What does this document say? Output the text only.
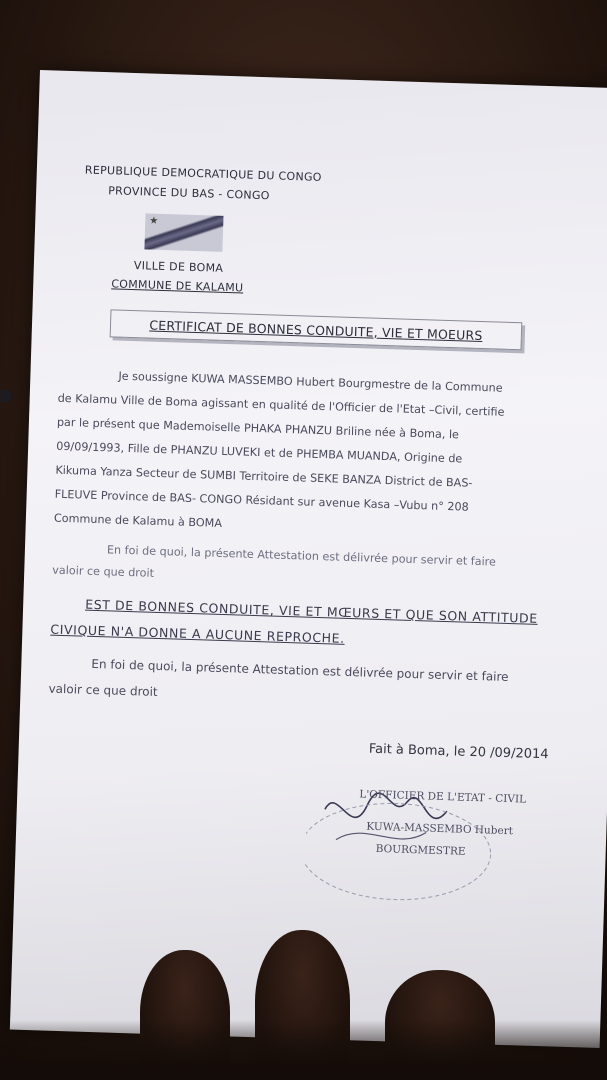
REPUBLIQUE DEMOCRATIQUE DU CONGO
PROVINCE DU BAS - CONGO
★
VILLE DE BOMA
COMMUNE DE KALAMU
CERTIFICAT DE BONNES CONDUITE, VIE ET MOEURS
Je soussigne KUWA MASSEMBO Hubert Bourgmestre de la Commune
de Kalamu Ville de Boma agissant en qualité de l'Officier de l'Etat –Civil, certifie
par le présent que Mademoiselle PHAKA PHANZU Briline née à Boma, le
09/09/1993, Fille de PHANZU LUVEKI et de PHEMBA MUANDA, Origine de
Kikuma Yanza Secteur de SUMBI Territoire de SEKE BANZA District de BAS-
FLEUVE Province de BAS- CONGO Résidant sur avenue Kasa –Vubu n° 208
Commune de Kalamu à BOMA
En foi de quoi, la présente Attestation est délivrée pour servir et faire
valoir ce que droit
EST DE BONNES CONDUITE, VIE ET MŒURS ET QUE SON ATTITUDE
CIVIQUE N'A DONNE A AUCUNE REPROCHE.
En foi de quoi, la présente Attestation est délivrée pour servir et faire
valoir ce que droit
Fait à Boma, le 20 /09/2014
L'OFFICIER DE L'ETAT - CIVIL
KUWA-MASSEMBO Hubert
BOURGMESTRE
